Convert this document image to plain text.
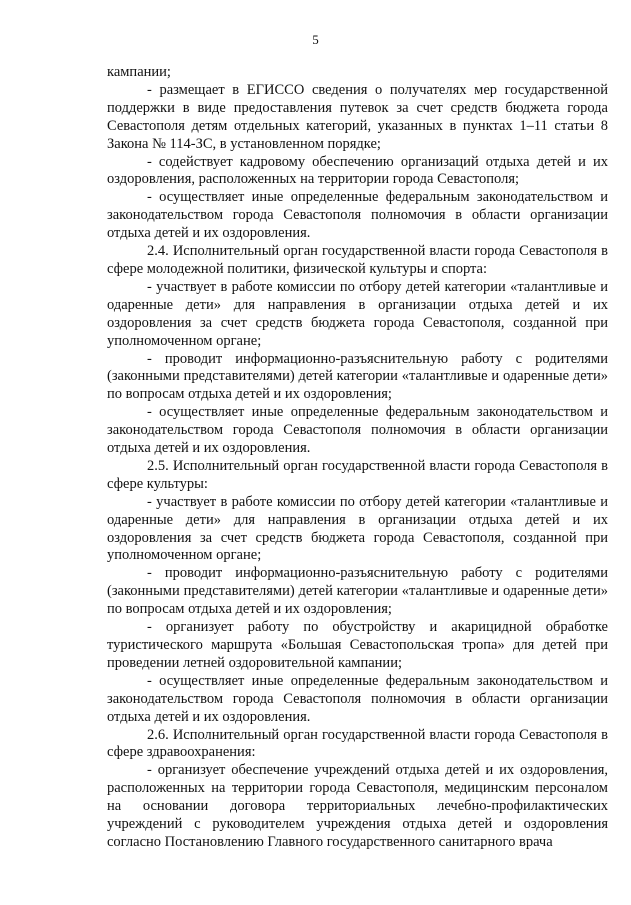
5

кампании;

- размещает в ЕГИССО сведения о получателях мер государственной поддержки в виде предоставления путевок за счет средств бюджета города Севастополя детям отдельных категорий, указанных в пунктах 1–11 статьи 8 Закона № 114-ЗС, в установленном порядке;

- содействует кадровому обеспечению организаций отдыха детей и их оздоровления, расположенных на территории города Севастополя;

- осуществляет иные определенные федеральным законодательством и законодательством города Севастополя полномочия в области организации отдыха детей и их оздоровления.

2.4. Исполнительный орган государственной власти города Севастополя в сфере молодежной политики, физической культуры и спорта:

- участвует в работе комиссии по отбору детей категории «талантливые и одаренные дети» для направления в организации отдыха детей и их оздоровления за счет средств бюджета города Севастополя, созданной при уполномоченном органе;

- проводит информационно-разъяснительную работу с родителями (законными представителями) детей категории «талантливые и одаренные дети» по вопросам отдыха детей и их оздоровления;

- осуществляет иные определенные федеральным законодательством и законодательством города Севастополя полномочия в области организации отдыха детей и их оздоровления.

2.5. Исполнительный орган государственной власти города Севастополя в сфере культуры:

- участвует в работе комиссии по отбору детей категории «талантливые и одаренные дети» для направления в организации отдыха детей и их оздоровления за счет средств бюджета города Севастополя, созданной при уполномоченном органе;

- проводит информационно-разъяснительную работу с родителями (законными представителями) детей категории «талантливые и одаренные дети» по вопросам отдыха детей и их оздоровления;

- организует работу по обустройству и акарицидной обработке туристического маршрута «Большая Севастопольская тропа» для детей при проведении летней оздоровительной кампании;

- осуществляет иные определенные федеральным законодательством и законодательством города Севастополя полномочия в области организации отдыха детей и их оздоровления.

2.6. Исполнительный орган государственной власти города Севастополя в сфере здравоохранения:

- организует обеспечение учреждений отдыха детей и их оздоровления, расположенных на территории города Севастополя, медицинским персоналом на основании договора территориальных лечебно-профилактических учреждений с руководителем учреждения отдыха детей и оздоровления согласно Постановлению Главного государственного санитарного врача
